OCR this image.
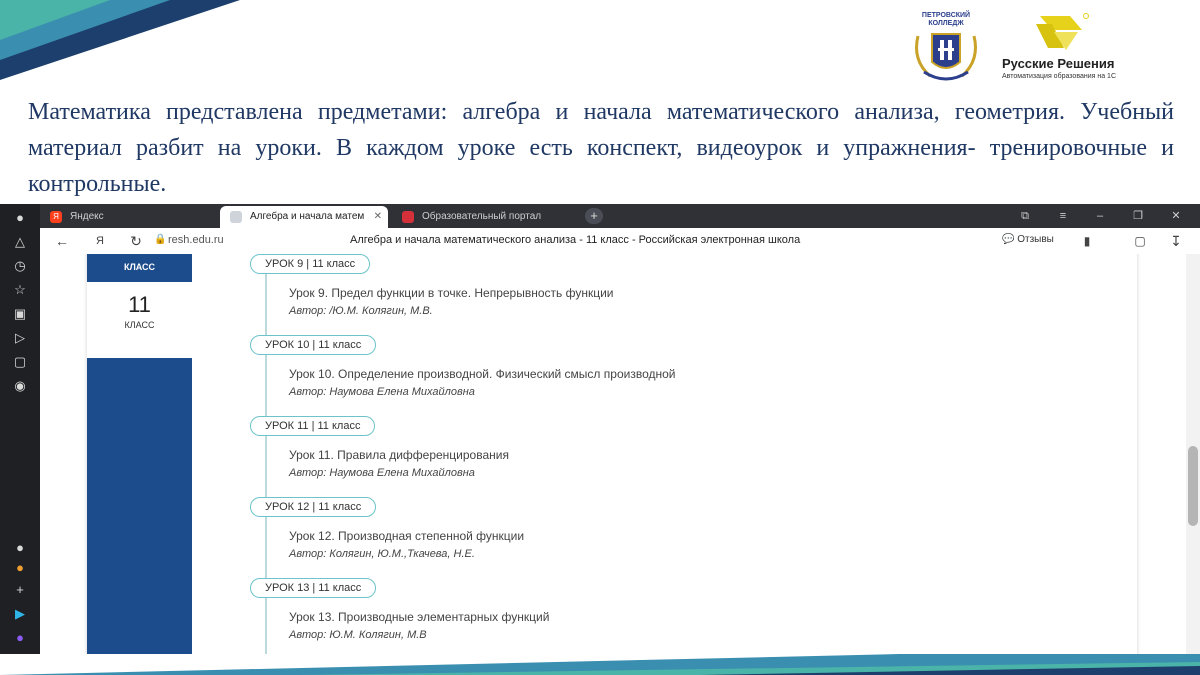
ПЕТРОВСКИЙ КОЛЛЕДЖ
Русские Решения
Автоматизация образования на 1С
Математика представлена предметами: алгебра и начала математического анализа, геометрия. Учебный материал разбит на уроки. В каждом уроке есть конспект, видеоурок и упражнения- тренировочные и контрольные.
●
△
◷
☆
▣
▷
▢
◉
●
●
+
▶
●
Я	Яндекс	Алгебра и начала матем ✕	Образовательный портал	+	⧉	≡	–	❐	✕
←	Я	↻	🔒 resh.edu.ru	Алгебра и начала математического анализа - 11 класс - Российская электронная школа	💬 Отзывы	▮	▢	↧
КЛАСС
11
КЛАСС
УРОК 9 | 11 класс
Урок 9. Предел функции в точке. Непрерывность функции
Автор: /Ю.М. Колягин, М.В.
УРОК 10 | 11 класс
Урок 10. Определение производной. Физический смысл производной
Автор: Наумова Елена Михайловна
УРОК 11 | 11 класс
Урок 11. Правила дифференцирования
Автор: Наумова Елена Михайловна
УРОК 12 | 11 класс
Урок 12. Производная степенной функции
Автор: Колягин, Ю.М.,Ткачева, Н.Е.
УРОК 13 | 11 класс
Урок 13. Производные элементарных функций
Автор: Ю.М. Колягин, М.В
